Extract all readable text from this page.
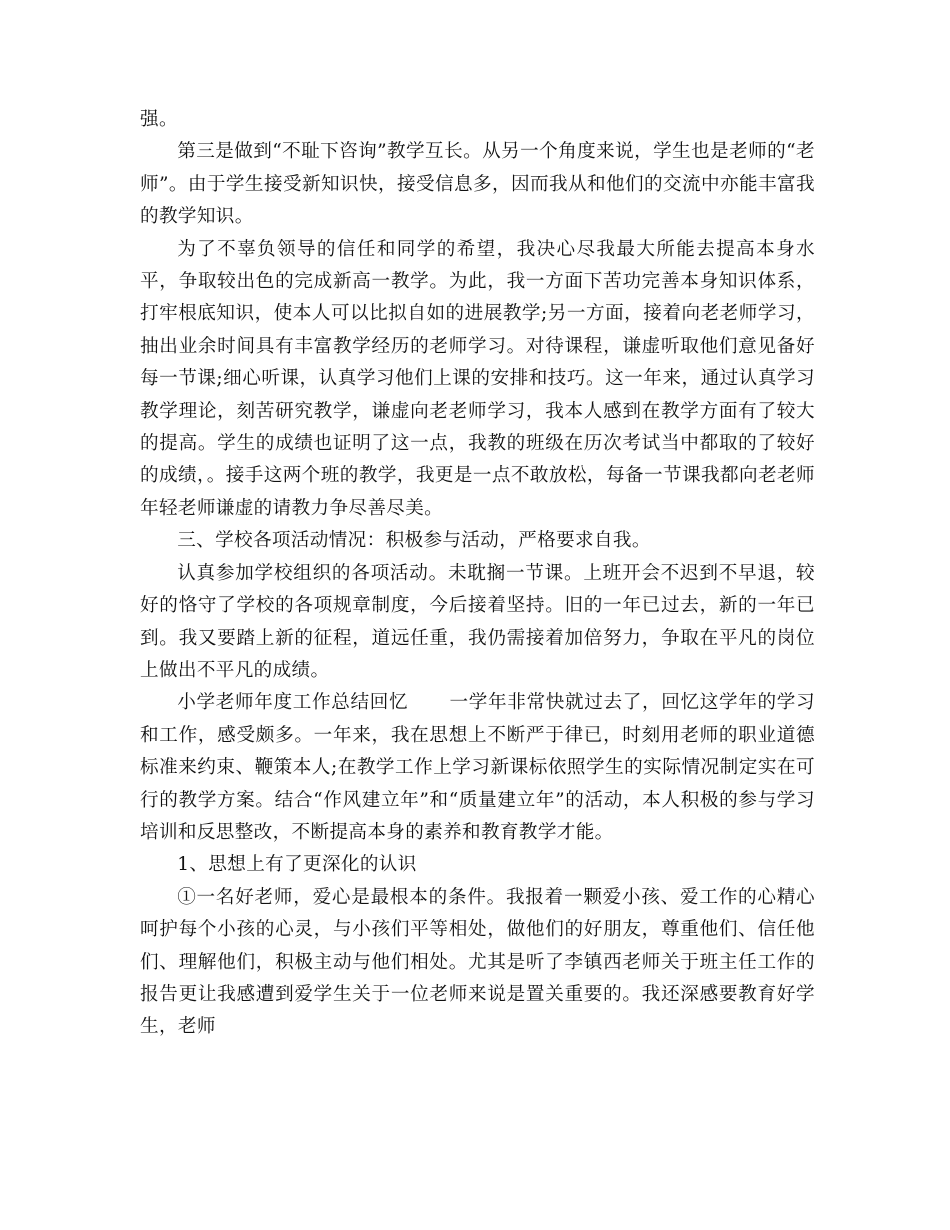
强。

第三是做到“不耻下咨询”教学互长。从另一个角度来说，学生也是老师的“老师”。由于学生接受新知识快，接受信息多，因而我从和他们的交流中亦能丰富我的教学知识。

为了不辜负领导的信任和同学的希望，我决心尽我最大所能去提高本身水平，争取较出色的完成新高一教学。为此，我一方面下苦功完善本身知识体系，打牢根底知识，使本人可以比拟自如的进展教学;另一方面，接着向老老师学习，抽出业余时间具有丰富教学经历的老师学习。对待课程，谦虚听取他们意见备好每一节课;细心听课，认真学习他们上课的安排和技巧。这一年来，通过认真学习教学理论，刻苦研究教学，谦虚向老老师学习，我本人感到在教学方面有了较大的提高。学生的成绩也证明了这一点，我教的班级在历次考试当中都取的了较好的成绩，。接手这两个班的教学，我更是一点不敢放松，每备一节课我都向老老师年轻老师谦虚的请教力争尽善尽美。

三、学校各项活动情况：积极参与活动，严格要求自我。

认真参加学校组织的各项活动。未耽搁一节课。上班开会不迟到不早退，较好的恪守了学校的各项规章制度，今后接着坚持。旧的一年已过去，新的一年已到。我又要踏上新的征程，道远任重，我仍需接着加倍努力，争取在平凡的岗位上做出不平凡的成绩。

小学老师年度工作总结回忆 一学年非常快就过去了，回忆这学年的学习和工作，感受颇多。一年来，我在思想上不断严于律已，时刻用老师的职业道德标准来约束、鞭策本人;在教学工作上学习新课标依照学生的实际情况制定实在可行的教学方案。结合“作风建立年”和“质量建立年”的活动，本人积极的参与学习培训和反思整改，不断提高本身的素养和教育教学才能。

1、思想上有了更深化的认识

①一名好老师，爱心是最根本的条件。我报着一颗爱小孩、爱工作的心精心呵护每个小孩的心灵，与小孩们平等相处，做他们的好朋友，尊重他们、信任他们、理解他们，积极主动与他们相处。尤其是听了李镇西老师关于班主任工作的报告更让我感遭到爱学生关于一位老师来说是置关重要的。我还深感要教育好学生，老师
